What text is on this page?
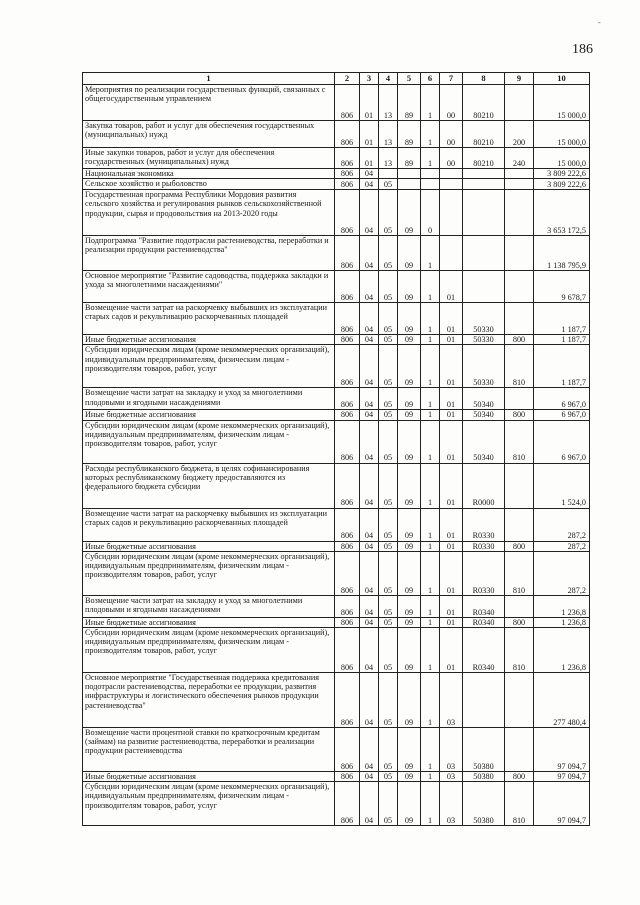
186
-
1	2	3	4	5	6	7	8	9	10
Мероприятия по реализации государственных функций, связанных с общегосударственным управлением	806	01	13	89	1	00	80210		15 000,0
Закупка товаров, работ и услуг для обеспечения государственных (муниципальных) нужд	806	01	13	89	1	00	80210	200	15 000,0
Иные закупки товаров, работ и услуг для обеспечения государственных (муниципальных) нужд	806	01	13	89	1	00	80210	240	15 000,0
Национальная экономика	806	04							3 809 222,6
Сельское хозяйство и рыболовство	806	04	05						3 809 222,6
Государственная программа Республики Мордовия развития сельского хозяйства и регулирования рынков сельскохозяйственной продукции, сырья и продовольствия на 2013-2020 годы	806	04	05	09	0				3 653 172,5
Подпрограмма "Развитие подотрасли растениеводства, переработки и реализации продукции растениеводства"	806	04	05	09	1				1 138 795,9
Основное мероприятие "Развитие садоводства, поддержка закладки и ухода за многолетними насаждениями"	806	04	05	09	1	01			9 678,7
Возмещение части затрат на раскорчевку выбывших из эксплуатации старых садов и рекультивацию раскорчеванных площадей	806	04	05	09	1	01	50330		1 187,7
Иные бюджетные ассигнования	806	04	05	09	1	01	50330	800	1 187,7
Субсидии юридическим лицам (кроме некоммерческих организаций), индивидуальным предпринимателям, физическим лицам - производителям товаров, работ, услуг	806	04	05	09	1	01	50330	810	1 187,7
Возмещение части затрат на закладку и уход за многолетними плодовыми и ягодными насаждениями	806	04	05	09	1	01	50340		6 967,0
Иные бюджетные ассигнования	806	04	05	09	1	01	50340	800	6 967,0
Субсидии юридическим лицам (кроме некоммерческих организаций), индивидуальным предпринимателям, физическим лицам - производителям товаров, работ, услуг	806	04	05	09	1	01	50340	810	6 967,0
Расходы республиканского бюджета, в целях софинансирования которых республиканскому бюджету предоставляются из федерального бюджета субсидии	806	04	05	09	1	01	R0000		1 524,0
Возмещение части затрат на раскорчевку выбывших из эксплуатации старых садов и рекультивацию раскорчеванных площадей	806	04	05	09	1	01	R0330		287,2
Иные бюджетные ассигнования	806	04	05	09	1	01	R0330	800	287,2
Субсидии юридическим лицам (кроме некоммерческих организаций), индивидуальным предпринимателям, физическим лицам - производителям товаров, работ, услуг	806	04	05	09	1	01	R0330	810	287,2
Возмещение части затрат на закладку и уход за многолетними плодовыми и ягодными насаждениями	806	04	05	09	1	01	R0340		1 236,8
Иные бюджетные ассигнования	806	04	05	09	1	01	R0340	800	1 236,8
Субсидии юридическим лицам (кроме некоммерческих организаций), индивидуальным предпринимателям, физическим лицам - производителям товаров, работ, услуг	806	04	05	09	1	01	R0340	810	1 236,8
Основное мероприятие "Государственная поддержка кредитования подотрасли растениеводства, переработки ее продукции, развития инфраструктуры и логистического обеспечения рынков продукции растениеводства"	806	04	05	09	1	03			277 480,4
Возмещение части процентной ставки по краткосрочным кредитам (займам) на развитие растениеводства, переработки и реализации продукции растениеводства	806	04	05	09	1	03	50380		97 094,7
Иные бюджетные ассигнования	806	04	05	09	1	03	50380	800	97 094,7
Субсидии юридическим лицам (кроме некоммерческих организаций), индивидуальным предпринимателям, физическим лицам - производителям товаров, работ, услуг	806	04	05	09	1	03	50380	810	97 094,7
